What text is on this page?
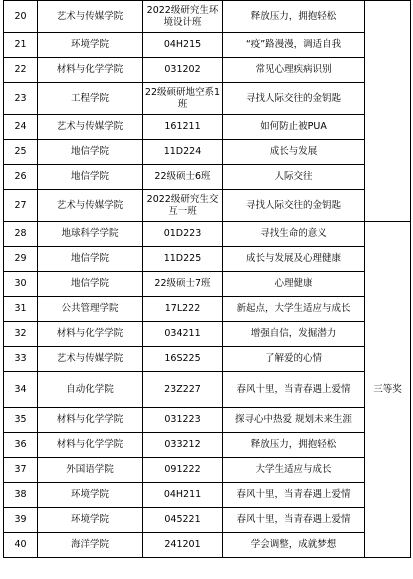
20	艺术与传媒学院	2022级研究生环境设计班	释放压力，拥抱轻松	
21	环境学院	04H215	“疫”路漫漫，调适自我	
22	材料与化学学院	031202	常见心理疾病识别	
23	工程学院	22级硕研地空系1班	寻找人际交往的金钥匙	
24	艺术与传媒学院	161211	如何防止被PUA	
25	地信学院	11D224	成长与发展	
26	地信学院	22级硕士6班	人际交往	
27	艺术与传媒学院	2022级研究生交互一班	寻找人际交往的金钥匙	
28	地球科学学院	01D223	寻找生命的意义	三等奖
29	地信学院	11D225	成长与发展及心理健康	
30	地信学院	22级硕士7班	心理健康	
31	公共管理学院	17L222	新起点，大学生适应与成长	
32	材料与化学学院	034211	增强自信，发掘潜力	
33	艺术与传媒学院	16S225	了解爱的心情	
34	自动化学院	23Z227	春风十里，当青春遇上爱情	
35	材料与化学学院	031223	探寻心中热爱 规划未来生涯	
36	材料与化学学院	033212	释放压力，拥抱轻松	
37	外国语学院	091222	大学生适应与成长	
38	环境学院	04H211	春风十里，当青春遇上爱情	
39	环境学院	045221	春风十里，当青春遇上爱情	
40	海洋学院	241201	学会调整，成就梦想	
